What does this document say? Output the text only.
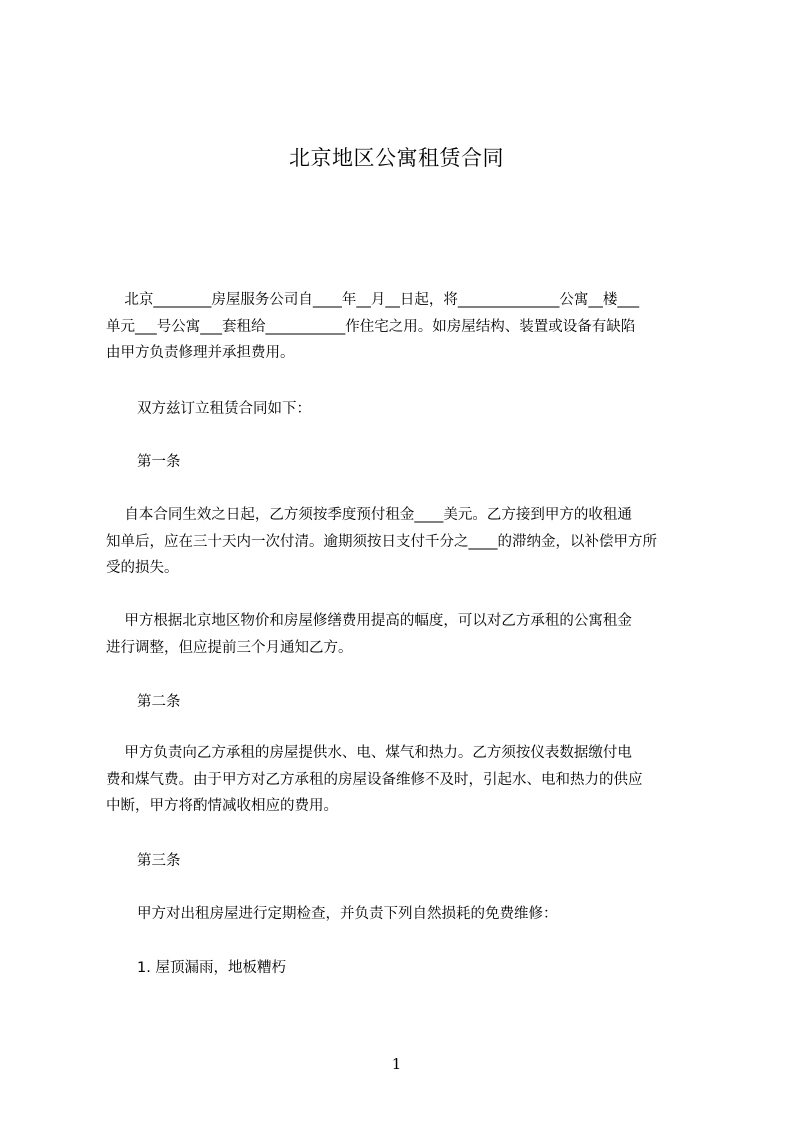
北京地区公寓租赁合同
北京________房屋服务公司自____年__月__日起，将______________公寓__楼___
单元___号公寓___套租给___________作住宅之用。如房屋结构、装置或设备有缺陷
由甲方负责修理并承担费用。
双方兹订立租赁合同如下：
第一条
自本合同生效之日起，乙方须按季度预付租金____美元。乙方接到甲方的收租通
知单后，应在三十天内一次付清。逾期须按日支付千分之____的滞纳金，以补偿甲方所
受的损失。
甲方根据北京地区物价和房屋修缮费用提高的幅度，可以对乙方承租的公寓租金
进行调整，但应提前三个月通知乙方。
第二条
甲方负责向乙方承租的房屋提供水、电、煤气和热力。乙方须按仪表数据缴付电
费和煤气费。由于甲方对乙方承租的房屋设备维修不及时，引起水、电和热力的供应
中断，甲方将酌情减收相应的费用。
第三条
甲方对出租房屋进行定期检查，并负责下列自然损耗的免费维修：
1. 屋顶漏雨，地板糟朽
1
